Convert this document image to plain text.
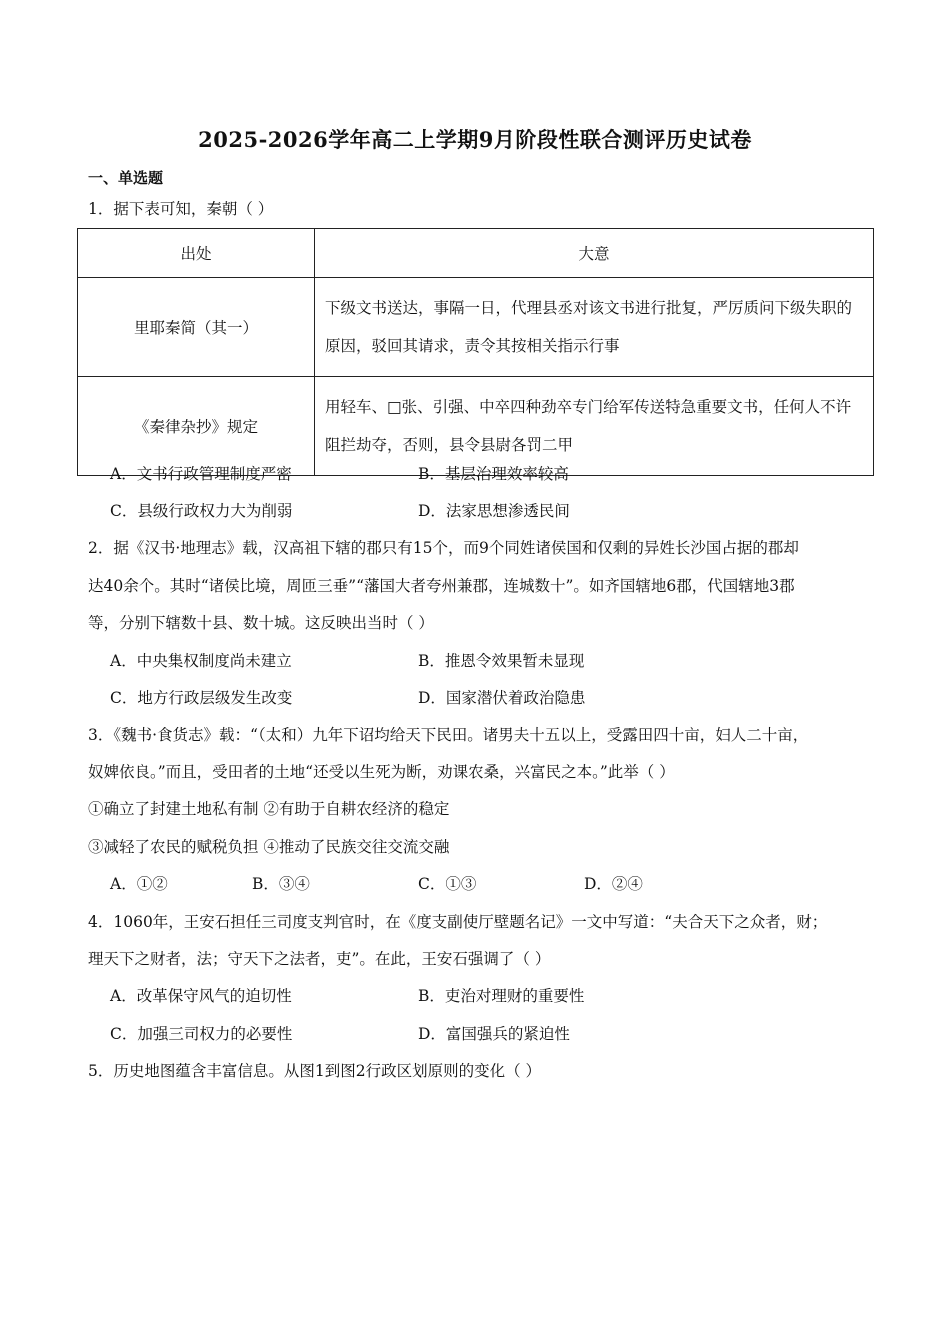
2025-2026学年高二上学期9月阶段性联合测评历史试卷
一、单选题
1．据下表可知，秦朝（ ）
出处	大意
里耶秦简（其一）	下级文书送达，事隔一日，代理县丞对该文书进行批复，严厉质问下级失职的原因，驳回其请求，责令其按相关指示行事
《秦律杂抄》规定	用轻车、□张、引强、中卒四种劲卒专门给军传送特急重要文书，任何人不许阻拦劫夺，否则，县令县尉各罚二甲
A．文书行政管理制度严密	B．基层治理效率较高
C．县级行政权力大为削弱	D．法家思想渗透民间
2．据《汉书·地理志》载，汉高祖下辖的郡只有15个，而9个同姓诸侯国和仅剩的异姓长沙国占据的郡却
达40余个。其时“诸侯比境，周匝三垂”“藩国大者夸州兼郡，连城数十”。如齐国辖地6郡，代国辖地3郡
等，分别下辖数十县、数十城。这反映出当时（ ）
A．中央集权制度尚未建立	B．推恩令效果暂未显现
C．地方行政层级发生改变	D．国家潜伏着政治隐患
3．《魏书·食货志》载：“（太和）九年下诏均给天下民田。诸男夫十五以上，受露田四十亩，妇人二十亩，
奴婢依良。”而且，受田者的土地“还受以生死为断，劝课农桑，兴富民之本。”此举（ ）
①确立了封建土地私有制 ②有助于自耕农经济的稳定
③减轻了农民的赋税负担 ④推动了民族交往交流交融
A．①②	B．③④	C．①③	D．②④
4．1060年，王安石担任三司度支判官时，在《度支副使厅壁题名记》一文中写道：“夫合天下之众者，财；
理天下之财者，法；守天下之法者，吏”。在此，王安石强调了（ ）
A．改革保守风气的迫切性	B．吏治对理财的重要性
C．加强三司权力的必要性	D．富国强兵的紧迫性
5．历史地图蕴含丰富信息。从图1到图2行政区划原则的变化（ ）
